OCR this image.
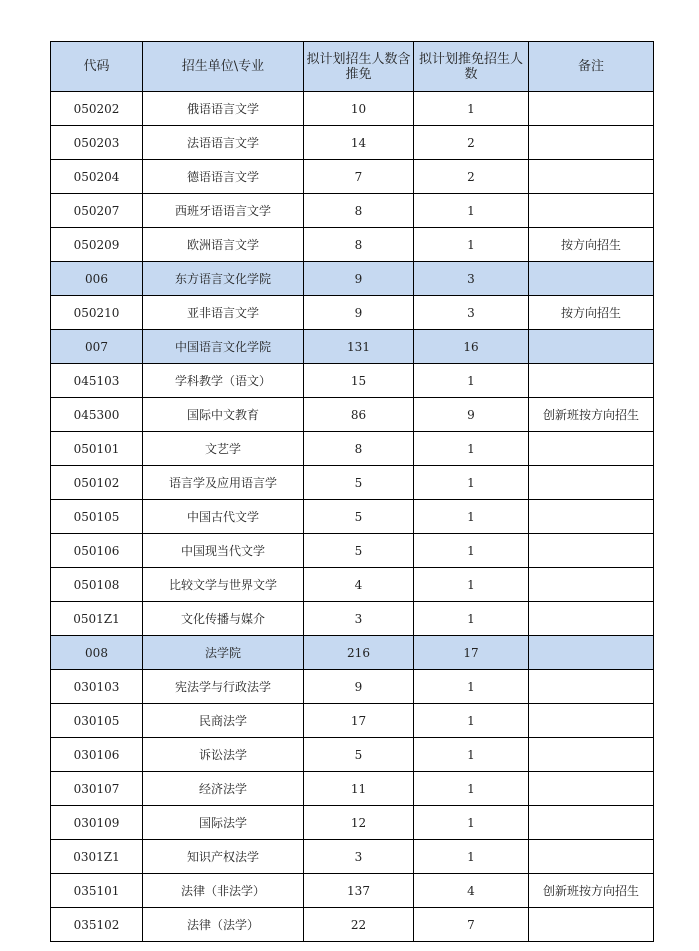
代码	招生单位\专业	拟计划招生人数含推免	拟计划推免招生人数	备注
050202	俄语语言文学	10	1	
050203	法语语言文学	14	2	
050204	德语语言文学	7	2	
050207	西班牙语语言文学	8	1	
050209	欧洲语言文学	8	1	按方向招生
006	东方语言文化学院	9	3	
050210	亚非语言文学	9	3	按方向招生
007	中国语言文化学院	131	16	
045103	学科教学（语文）	15	1	
045300	国际中文教育	86	9	创新班按方向招生
050101	文艺学	8	1	
050102	语言学及应用语言学	5	1	
050105	中国古代文学	5	1	
050106	中国现当代文学	5	1	
050108	比较文学与世界文学	4	1	
0501Z1	文化传播与媒介	3	1	
008	法学院	216	17	
030103	宪法学与行政法学	9	1	
030105	民商法学	17	1	
030106	诉讼法学	5	1	
030107	经济法学	11	1	
030109	国际法学	12	1	
0301Z1	知识产权法学	3	1	
035101	法律（非法学）	137	4	创新班按方向招生
035102	法律（法学）	22	7	
